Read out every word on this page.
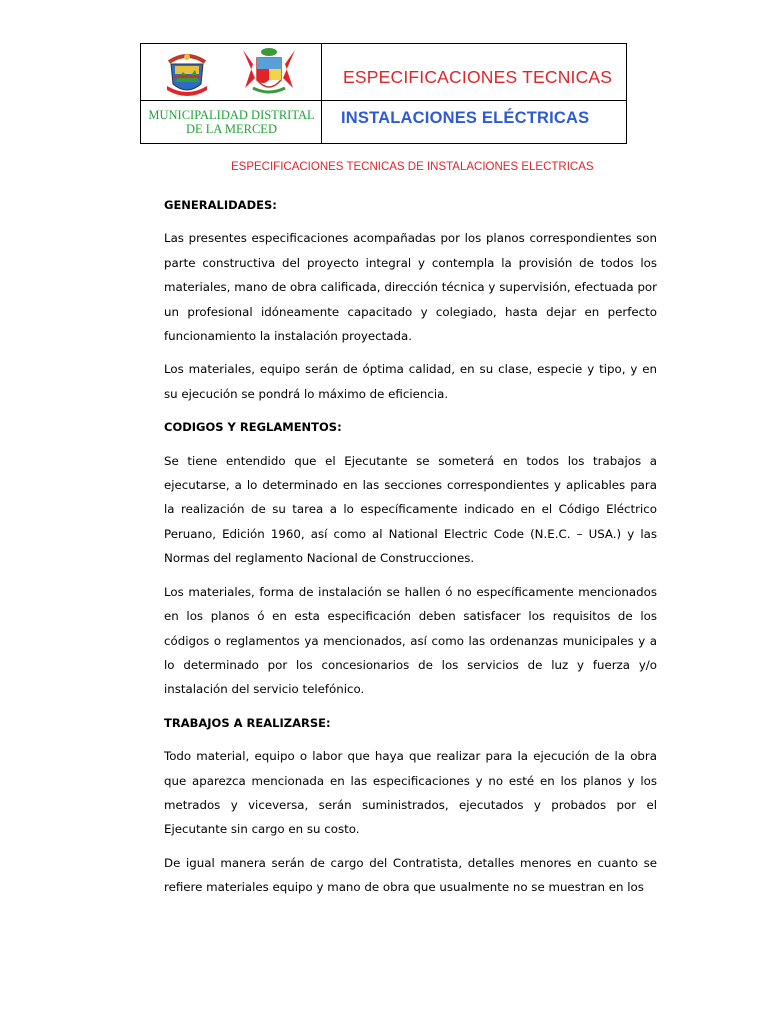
MUNICIPALIDAD DISTRITAL
DE LA MERCED
ESPECIFICACIONES TECNICAS
INSTALACIONES ELÉCTRICAS
ESPECIFICACIONES TECNICAS DE INSTALACIONES ELECTRICAS

GENERALIDADES:

Las presentes especificaciones acompañadas por los planos correspondientes son parte constructiva del proyecto integral y contempla la provisión de todos los materiales, mano de obra calificada, dirección técnica y supervisión, efectuada por un profesional idóneamente capacitado y colegiado, hasta dejar en perfecto funcionamiento la instalación proyectada.

Los materiales, equipo serán de óptima calidad, en su clase, especie y tipo, y en su ejecución se pondrá lo máximo de eficiencia.

CODIGOS Y REGLAMENTOS:

Se tiene entendido que el Ejecutante se someterá en todos los trabajos a ejecutarse, a lo determinado en las secciones correspondientes y aplicables para la realización de su tarea a lo específicamente indicado en el Código Eléctrico Peruano, Edición 1960, así como al National Electric Code (N.E.C. – USA.) y las Normas del reglamento Nacional de Construcciones.

Los materiales, forma de instalación se hallen ó no específicamente mencionados en los planos ó en esta especificación deben satisfacer los requisitos de los códigos o reglamentos ya mencionados, así como las ordenanzas municipales y a lo determinado por los concesionarios de los servicios de luz y fuerza y/o instalación del servicio telefónico.

TRABAJOS A REALIZARSE:

Todo material, equipo o labor que haya que realizar para la ejecución de la obra que aparezca mencionada en las especificaciones y no esté en los planos y los metrados y viceversa, serán suministrados, ejecutados y probados por el Ejecutante sin cargo en su costo.

De igual manera serán de cargo del Contratista, detalles menores en cuanto se refiere materiales equipo y mano de obra que usualmente no se muestran en los
